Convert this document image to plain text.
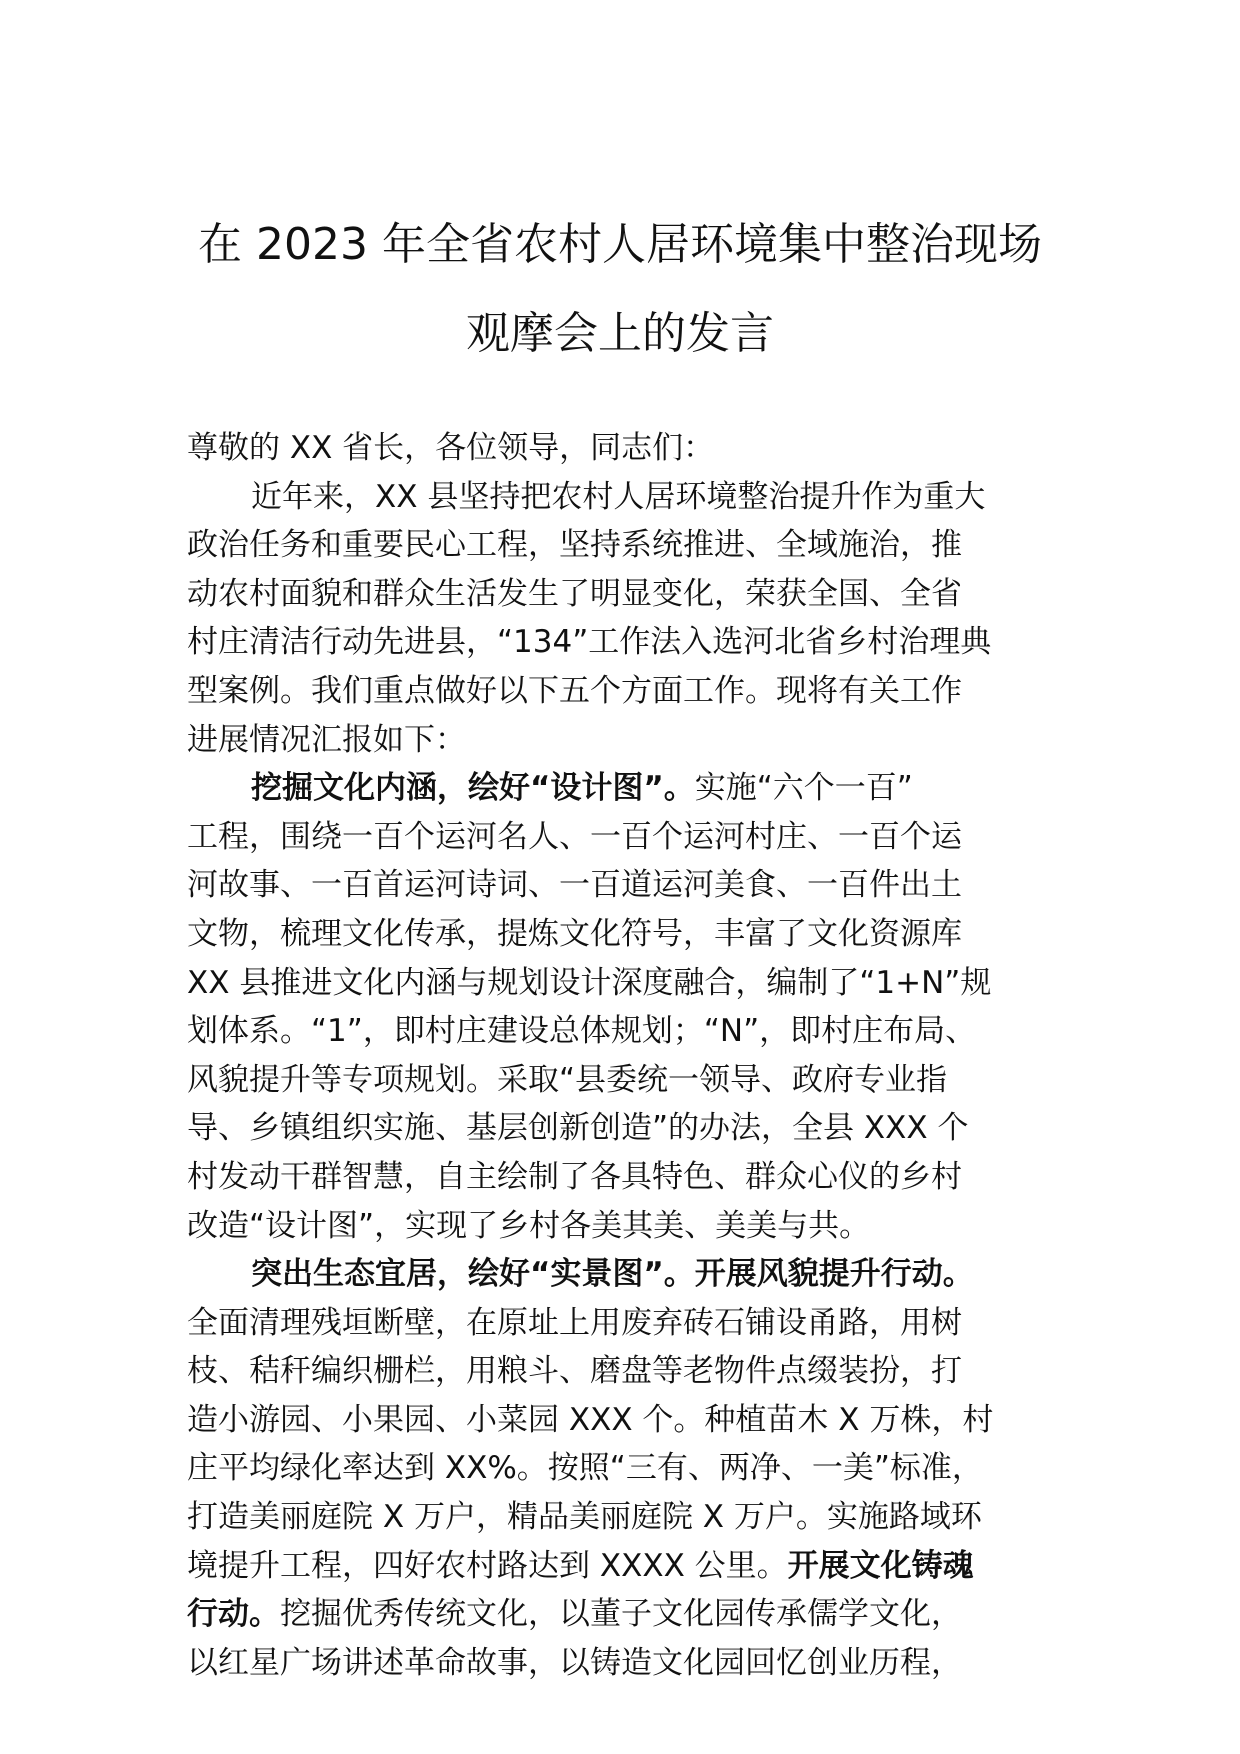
在 2023 年全省农村人居环境集中整治现场
观摩会上的发言
尊敬的 XX 省长，各位领导，同志们：
近年来，XX 县坚持把农村人居环境整治提升作为重大
政治任务和重要民心工程，坚持系统推进、全域施治，推
动农村面貌和群众生活发生了明显变化，荣获全国、全省
村庄清洁行动先进县，“134”工作法入选河北省乡村治理典
型案例。我们重点做好以下五个方面工作。现将有关工作
进展情况汇报如下：
挖掘文化内涵，绘好“设计图”。实施“六个一百”
工程，围绕一百个运河名人、一百个运河村庄、一百个运
河故事、一百首运河诗词、一百道运河美食、一百件出土
文物，梳理文化传承，提炼文化符号，丰富了文化资源库
XX 县推进文化内涵与规划设计深度融合，编制了“1+N”规
划体系。“1”，即村庄建设总体规划；“N”，即村庄布局、
风貌提升等专项规划。采取“县委统一领导、政府专业指
导、乡镇组织实施、基层创新创造”的办法，全县 XXX 个
村发动干群智慧，自主绘制了各具特色、群众心仪的乡村
改造“设计图”，实现了乡村各美其美、美美与共。
突出生态宜居，绘好“实景图”。开展风貌提升行动。
全面清理残垣断壁，在原址上用废弃砖石铺设甬路，用树
枝、秸秆编织栅栏，用粮斗、磨盘等老物件点缀装扮，打
造小游园、小果园、小菜园 XXX 个。种植苗木 X 万株，村
庄平均绿化率达到 XX%。按照“三有、两净、一美”标准，
打造美丽庭院 X 万户，精品美丽庭院 X 万户。实施路域环
境提升工程，四好农村路达到 XXXX 公里。开展文化铸魂
行动。挖掘优秀传统文化，以董子文化园传承儒学文化，
以红星广场讲述革命故事，以铸造文化园回忆创业历程，
